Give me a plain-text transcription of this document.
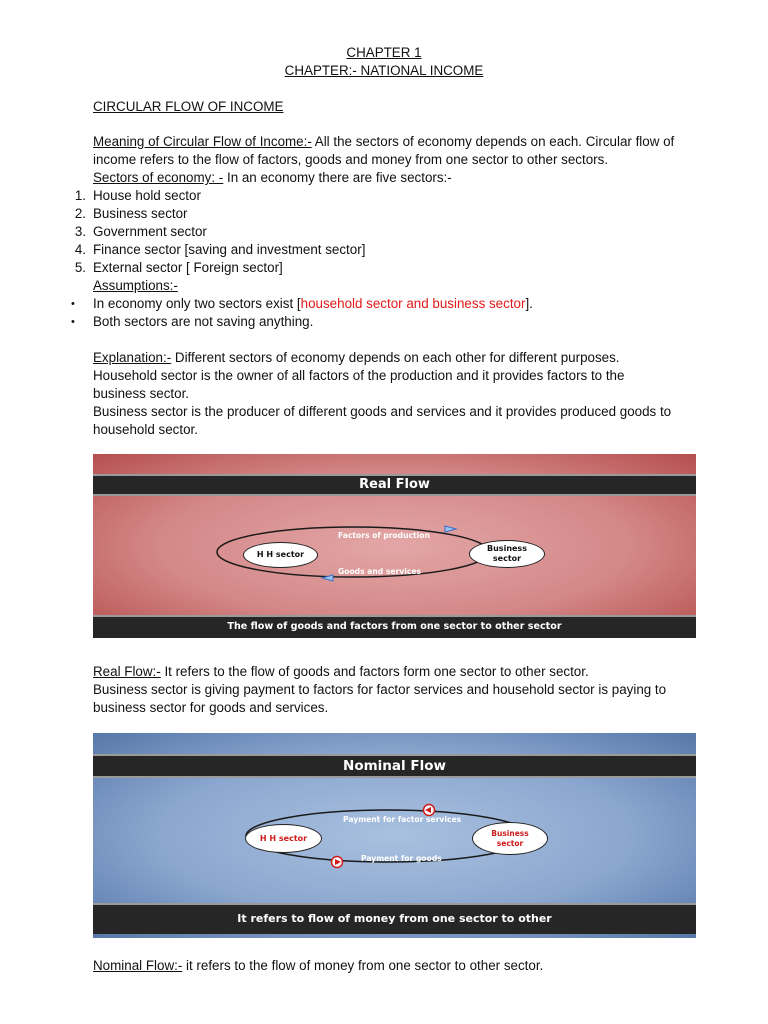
CHAPTER 1
CHAPTER:- NATIONAL INCOME
CIRCULAR FLOW OF INCOME
Meaning of Circular Flow of Income:- All the sectors of economy depends on each. Circular flow of
income refers to the flow of factors, goods and money from one sector to other sectors.
Sectors of economy: - In an economy there are five sectors:-
1. House hold sector
2. Business sector
3. Government sector
4. Finance sector [saving and investment sector]
5. External sector [ Foreign sector]
Assumptions:-
• In economy only two sectors exist [household sector and business sector].
• Both sectors are not saving anything.
Explanation:- Different sectors of economy depends on each other for different purposes.
Household sector is the owner of all factors of the production and it provides factors to the
business sector.
Business sector is the producer of different goods and services and it provides produced goods to
household sector.
Real Flow
H H sector
Business sector
Factors of production
Goods and services
The flow of goods and factors from one sector to other sector
Real Flow:- It refers to the flow of goods and factors form one sector to other sector.
Business sector is giving payment to factors for factor services and household sector is paying to
business sector for goods and services.
Nominal Flow
H H sector
Business sector
Payment for factor services
Payment for goods
It refers to flow of money from one sector to other
Nominal Flow:- it refers to the flow of money from one sector to other sector.
